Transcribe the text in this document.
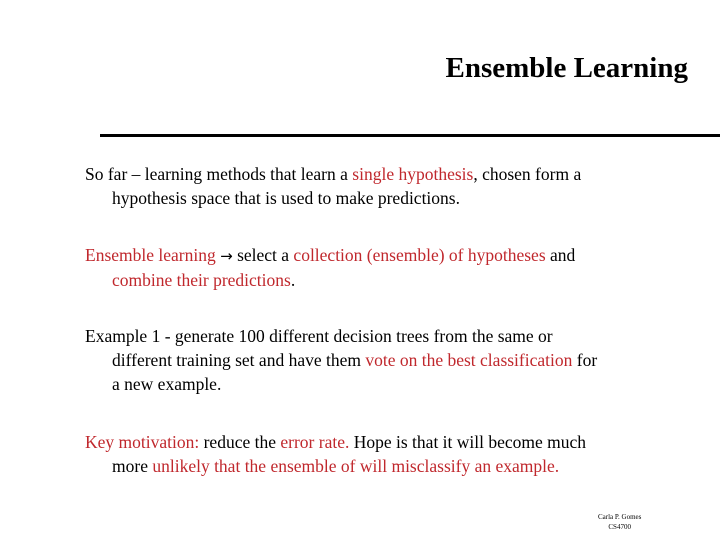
Ensemble Learning
So far – learning methods that learn a single hypothesis, chosen form a
hypothesis space that is used to make predictions.
Ensemble learning → select a collection (ensemble) of hypotheses and
combine their predictions.
Example 1 - generate 100 different decision trees from the same or
different training set and have them vote on the best classification for
a new example.
Key motivation: reduce the error rate. Hope is that it will become much
more unlikely that the ensemble of will misclassify an example.
Carla P. Gomes
CS4700
